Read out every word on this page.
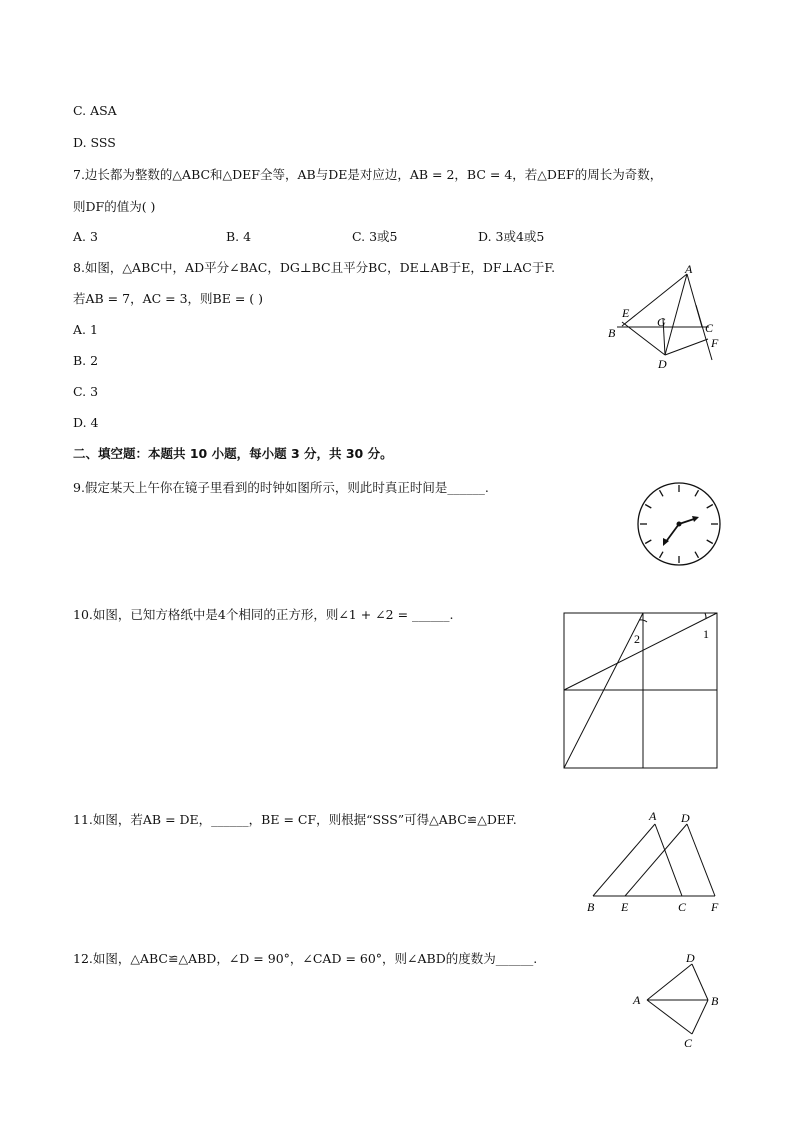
C. ASA
D. SSS
7.边长都为整数的△ABC和△DEF全等，AB与DE是对应边，AB = 2，BC = 4，若△DEF的周长为奇数，
则DF的值为( )
A. 3	B. 4	C. 3或5	D. 3或4或5
8.如图，△ABC中，AD平分∠BAC，DG⊥BC且平分BC，DE⊥AB于E，DF⊥AC于F.
若AB = 7，AC = 3，则BE = ( )
A. 1
B. 2
C. 3
D. 4
A
E
G
B	C
F
D
二、填空题：本题共 10 小题，每小题 3 分，共 30 分。
9.假定某天上午你在镜子里看到的时钟如图所示，则此时真正时间是______.
10.如图，已知方格纸中是4个相同的正方形，则∠1 + ∠2 = ______.
1
2
11.如图，若AB = DE，______，BE = CF，则根据“SSS”可得△ABC≌△DEF.	A D
B E	C F
12.如图，△ABC≌△ABD，∠D = 90°，∠CAD = 60°，则∠ABD的度数为______.	D
A	B
C
